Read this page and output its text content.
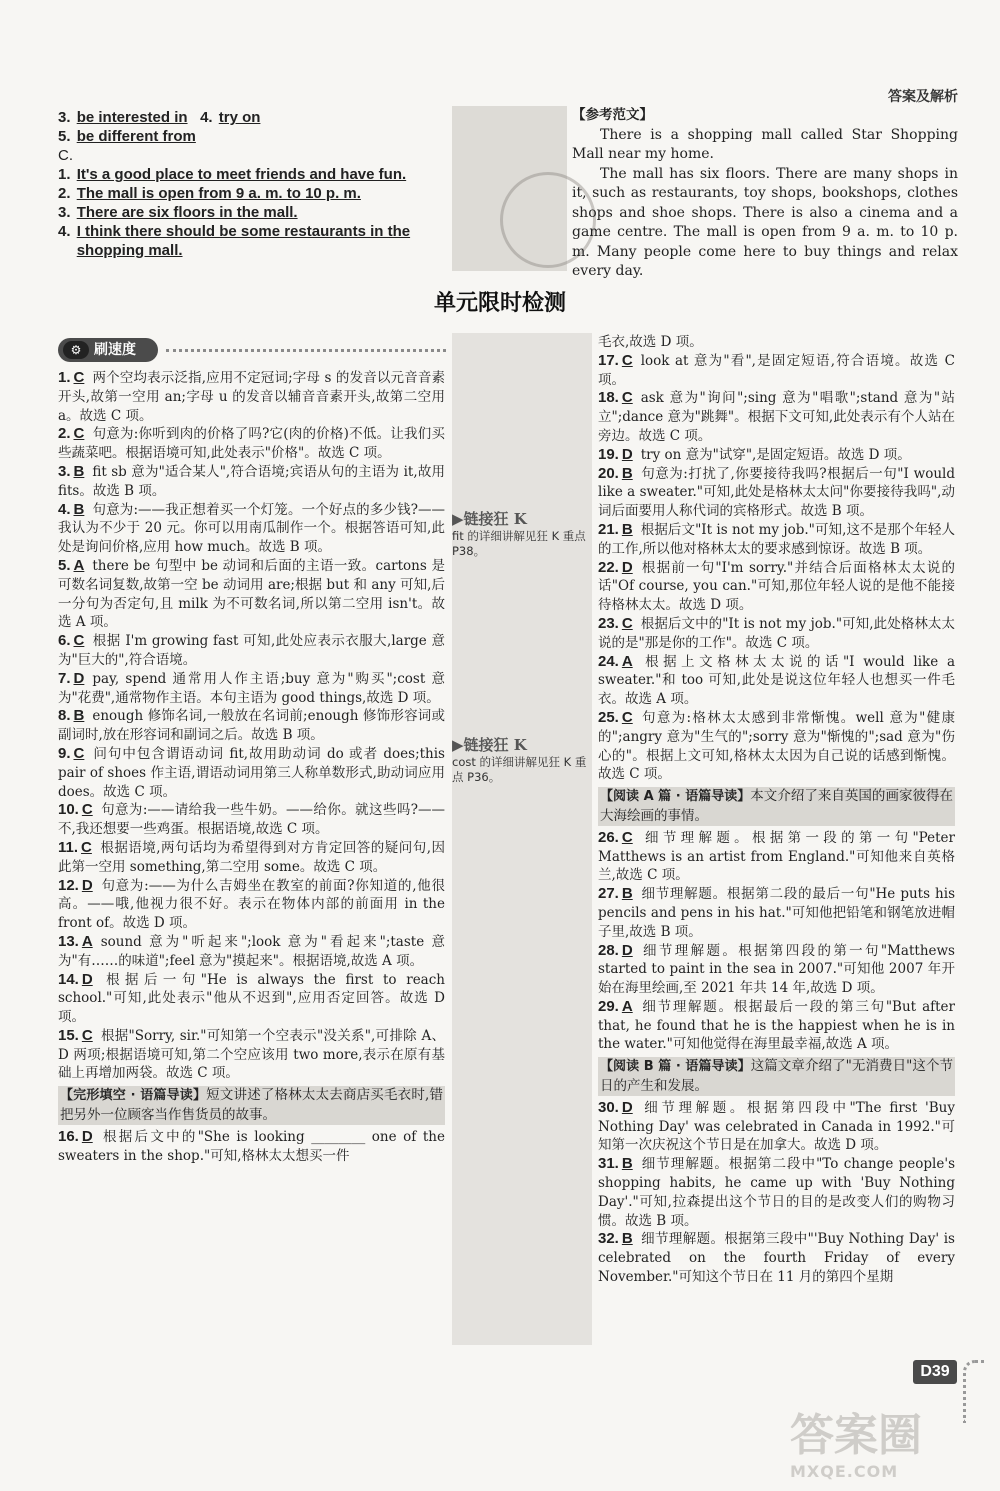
答案及解析
3. be interested in 4. try on
5. be different from
C.
1. It's a good place to meet friends and have fun.
2. The mall is open from 9 a. m. to 10 p. m.
3. There are six floors in the mall.
4. I think there should be some restaurants in the shopping mall.
【参考范文】

There is a shopping mall called Star Shopping Mall near my home.

The mall has six floors. There are many shops in it, such as restaurants, toy shops, bookshops, clothes shops and shoe shops. There is also a cinema and a game centre. The mall is open from 9 a. m. to 10 p. m. Many people come here to buy things and relax every day.

单元限时检测
⚙ 刷速度
▶链接狂 K
fit 的详细讲解见狂 K 重点 P38。
▶链接狂 K
cost 的详细讲解见狂 K 重点 P36。
1. C 两个空均表示泛指,应用不定冠词;字母 s 的发音以元音音素开头,故第一空用 an;字母 u 的发音以辅音音素开头,故第二空用 a。故选 C 项。
2. C 句意为:你听到肉的价格了吗?它(肉的价格)不低。让我们买些蔬菜吧。根据语境可知,此处表示"价格"。故选 C 项。
3. B fit sb 意为"适合某人",符合语境;宾语从句的主语为 it,故用 fits。故选 B 项。
4. B 句意为:——我正想着买一个灯笼。一个好点的多少钱?——我认为不少于 20 元。你可以用南瓜制作一个。根据答语可知,此处是询问价格,应用 how much。故选 B 项。
5. A there be 句型中 be 动词和后面的主语一致。cartons 是可数名词复数,故第一空 be 动词用 are;根据 but 和 any 可知,后一分句为否定句,且 milk 为不可数名词,所以第二空用 isn't。故选 A 项。
6. C 根据 I'm growing fast 可知,此处应表示衣服大,large 意为"巨大的",符合语境。
7. D pay, spend 通常用人作主语;buy 意为"购买";cost 意为"花费",通常物作主语。本句主语为 good things,故选 D 项。
8. B enough 修饰名词,一般放在名词前;enough 修饰形容词或副词时,放在形容词和副词之后。故选 B 项。
9. C 问句中包含谓语动词 fit,故用助动词 do 或者 does;this pair of shoes 作主语,谓语动词用第三人称单数形式,助动词应用 does。故选 C 项。
10. C 句意为:——请给我一些牛奶。——给你。就这些吗?——不,我还想要一些鸡蛋。根据语境,故选 C 项。
11. C 根据语境,两句话均为希望得到对方肯定回答的疑问句,因此第一空用 something,第二空用 some。故选 C 项。
12. D 句意为:——为什么吉姆坐在教室的前面?你知道的,他很高。——哦,他视力很不好。表示在物体内部的前面用 in the front of。故选 D 项。
13. A sound 意为"听起来";look 意为"看起来";taste 意为"有……的味道";feel 意为"摸起来"。根据语境,故选 A 项。
14. D 根据后一句"He is always the first to reach school."可知,此处表示"他从不迟到",应用否定回答。故选 D 项。
15. C 根据"Sorry, sir."可知第一个空表示"没关系",可排除 A、D 两项;根据语境可知,第二个空应该用 two more,表示在原有基础上再增加两袋。故选 C 项。
【完形填空 · 语篇导读】短文讲述了格林太太去商店买毛衣时,错把另外一位顾客当作售货员的故事。
16. D 根据后文中的"She is looking ________ one of the sweaters in the shop."可知,格林太太想买一件
毛衣,故选 D 项。
17. C look at 意为"看",是固定短语,符合语境。故选 C 项。
18. C ask 意为"询问";sing 意为"唱歌";stand 意为"站立";dance 意为"跳舞"。根据下文可知,此处表示有个人站在旁边。故选 C 项。
19. D try on 意为"试穿",是固定短语。故选 D 项。
20. B 句意为:打扰了,你要接待我吗?根据后一句"I would like a sweater."可知,此处是格林太太问"你要接待我吗",动词后面要用人称代词的宾格形式。故选 B 项。
21. B 根据后文"It is not my job."可知,这不是那个年轻人的工作,所以他对格林太太的要求感到惊讶。故选 B 项。
22. D 根据前一句"I'm sorry."并结合后面格林太太说的话"Of course, you can."可知,那位年轻人说的是他不能接待格林太太。故选 D 项。
23. C 根据后文中的"It is not my job."可知,此处格林太太说的是"那是你的工作"。故选 C 项。
24. A 根据上文格林太太说的话"I would like a sweater."和 too 可知,此处是说这位年轻人也想买一件毛衣。故选 A 项。
25. C 句意为:格林太太感到非常惭愧。well 意为"健康的";angry 意为"生气的";sorry 意为"惭愧的";sad 意为"伤心的"。根据上文可知,格林太太因为自己说的话感到惭愧。故选 C 项。
【阅读 A 篇 · 语篇导读】本文介绍了来自英国的画家彼得在大海绘画的事情。
26. C 细节理解题。根据第一段的第一句"Peter Matthews is an artist from England."可知他来自英格兰,故选 C 项。
27. B 细节理解题。根据第二段的最后一句"He puts his pencils and pens in his hat."可知他把铅笔和钢笔放进帽子里,故选 B 项。
28. D 细节理解题。根据第四段的第一句"Matthews started to paint in the sea in 2007."可知他 2007 年开始在海里绘画,至 2021 年共 14 年,故选 D 项。
29. A 细节理解题。根据最后一段的第三句"But after that, he found that he is the happiest when he is in the water."可知他觉得在海里最幸福,故选 A 项。
【阅读 B 篇 · 语篇导读】这篇文章介绍了"无消费日"这个节日的产生和发展。
30. D 细节理解题。根据第四段中"The first 'Buy Nothing Day' was celebrated in Canada in 1992."可知第一次庆祝这个节日是在加拿大。故选 D 项。
31. B 细节理解题。根据第二段中"To change people's shopping habits, he came up with 'Buy Nothing Day'."可知,拉森提出这个节日的目的是改变人们的购物习惯。故选 B 项。
32. B 细节理解题。根据第三段中"'Buy Nothing Day' is celebrated on the fourth Friday of every November."可知这个节日在 11 月的第四个星期
D39
答案圈
MXQE.COM
